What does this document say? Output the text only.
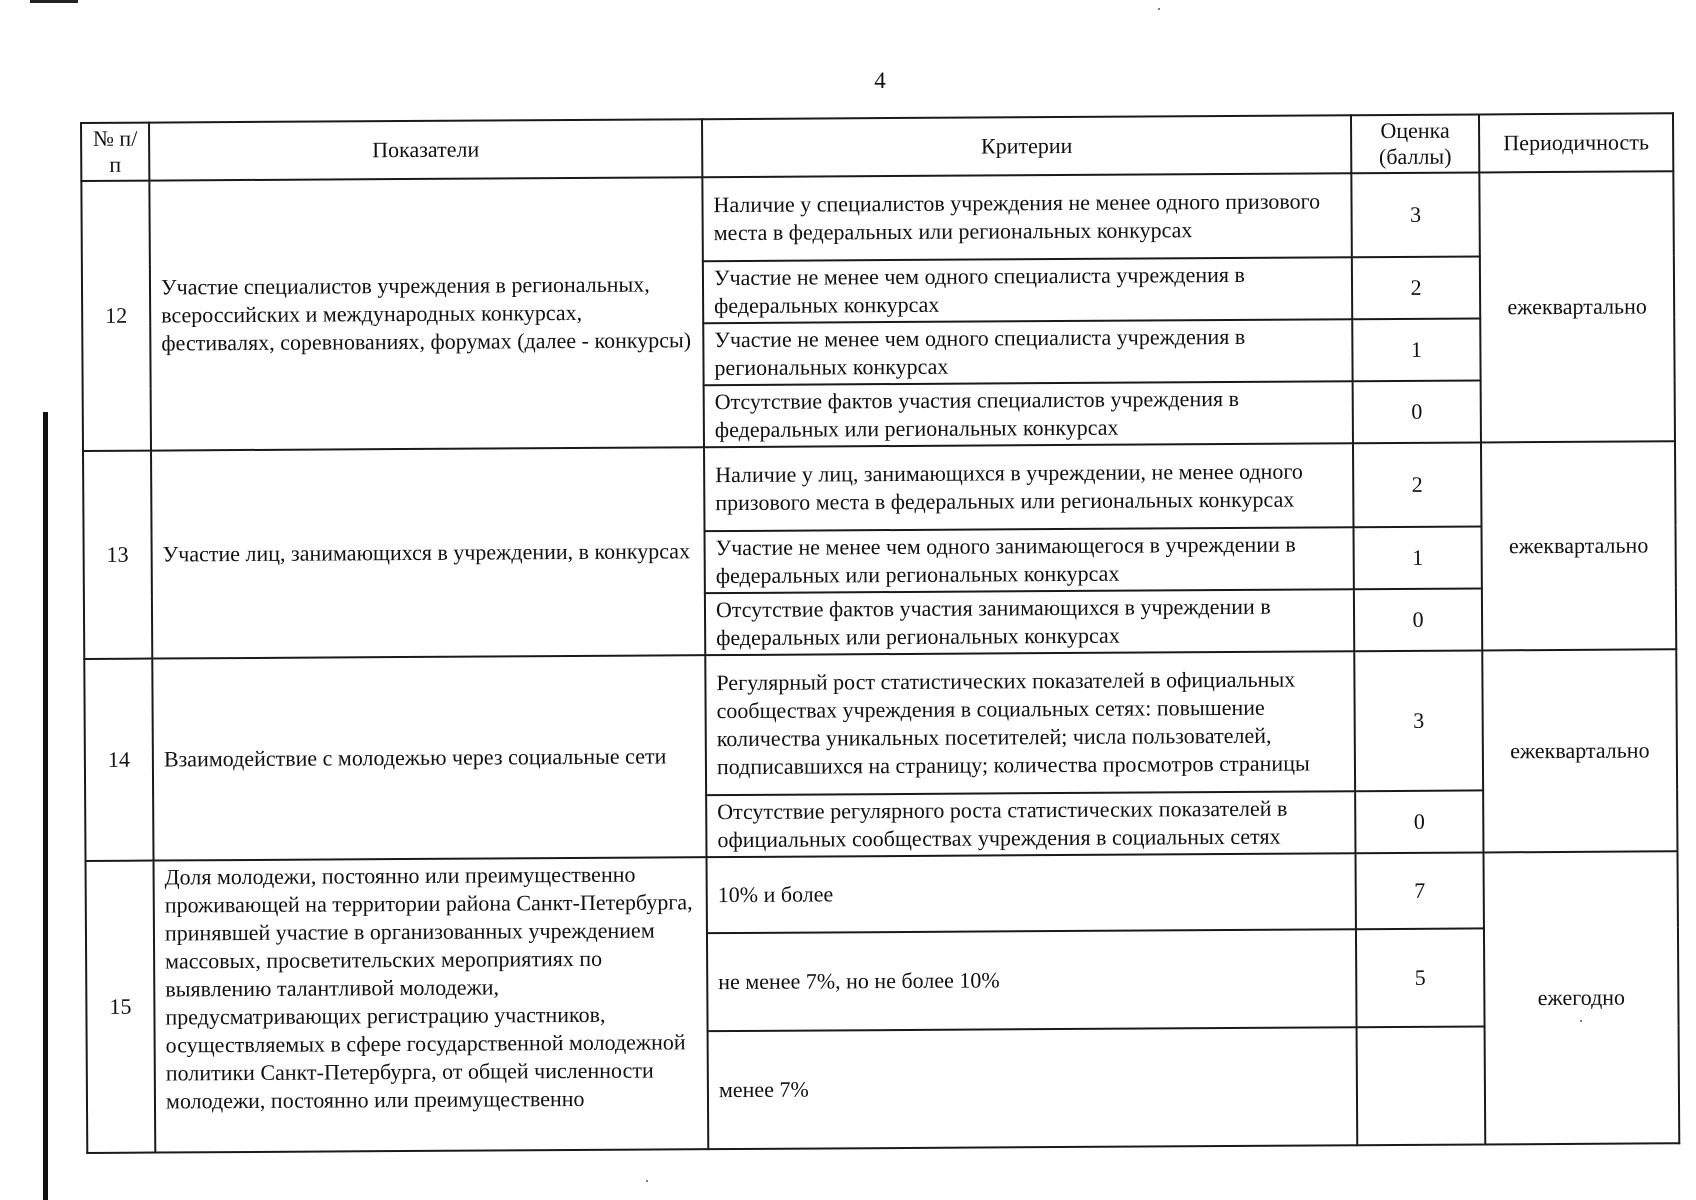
4
№ п/п	Показатели	Критерии	Оценка (баллы)	Периодичность
12	Участие специалистов учреждения в региональных, всероссийских и международных конкурсах, фестивалях, соревнованиях, форумах (далее - конкурсы)	Наличие у специалистов учреждения не менее одного призового места в федеральных или региональных конкурсах	3	ежеквартально
		Участие не менее чем одного специалиста учреждения в федеральных конкурсах	2	
		Участие не менее чем одного специалиста учреждения в региональных конкурсах	1	
		Отсутствие фактов участия специалистов учреждения в федеральных или региональных конкурсах	0	
13	Участие лиц, занимающихся в учреждении, в конкурсах	Наличие у лиц, занимающихся в учреждении, не менее одного призового места в федеральных или региональных конкурсах	2	ежеквартально
		Участие не менее чем одного занимающегося в учреждении в федеральных или региональных конкурсах	1	
		Отсутствие фактов участия занимающихся в учреждении в федеральных или региональных конкурсах	0	
14	Взаимодействие с молодежью через социальные сети	Регулярный рост статистических показателей в официальных сообществах учреждения в социальных сетях: повышение количества уникальных посетителей; числа пользователей, подписавшихся на страницу; количества просмотров страницы	3	ежеквартально
		Отсутствие регулярного роста статистических показателей в официальных сообществах учреждения в социальных сетях	0	
15	Доля молодежи, постоянно или преимущественно проживающей на территории района Санкт-Петербурга, принявшей участие в организованных учреждением массовых, просветительских мероприятиях по выявлению талантливой молодежи, предусматривающих регистрацию участников, осуществляемых в сфере государственной молодежной политики Санкт-Петербурга, от общей численности молодежи, постоянно или преимущественно	10% и более	7	ежегодно
		не менее 7%, но не более 10%	5	
		менее 7%		
